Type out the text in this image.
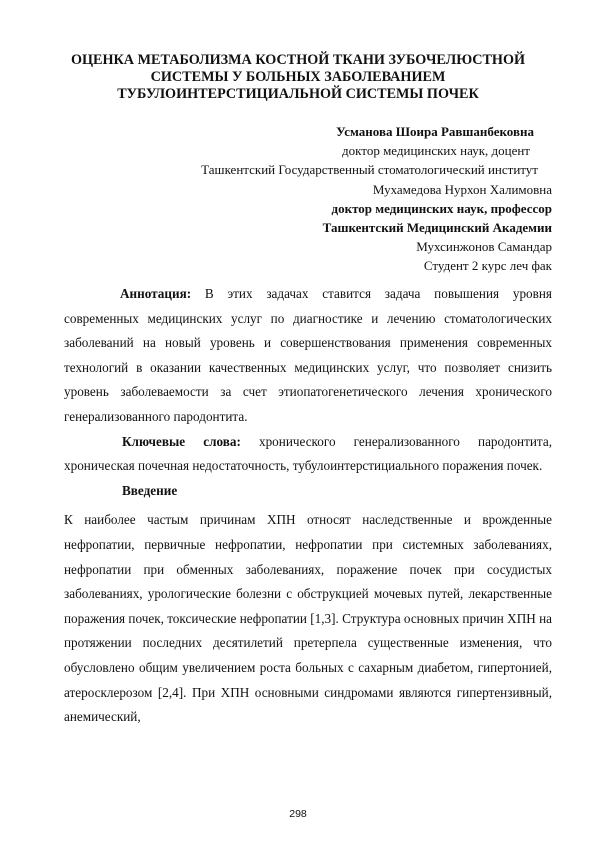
ОЦЕНКА МЕТАБОЛИЗМА КОСТНОЙ ТКАНИ ЗУБОЧЕЛЮСТНОЙ
СИСТЕМЫ У БОЛЬНЫХ ЗАБОЛЕВАНИЕМ
ТУБУЛОИНТЕРСТИЦИАЛЬНОЙ СИСТЕМЫ ПОЧЕК
Усманова Шоира Равшанбековна
доктор медицинских наук, доцент
Ташкентский Государственный стоматологический институт
Мухамедова Нурхон Халимовна
доктор медицинских наук, профессор
Ташкентский Медицинский Академии
Мухсинжонов Самандар
Студент 2 курс леч фак

Аннотация: В этих задачах ставится задача повышения уровня современных медицинских услуг по диагностике и лечению стоматологических заболеваний на новый уровень и совершенствования применения современных технологий в оказании качественных медицинских услуг, что позволяет снизить уровень заболеваемости за счет этиопатогенетического лечения хронического генерализованного пародонтита.

Ключевые слова: хронического генерализованного пародонтита, хроническая почечная недостаточность, тубулоинтерстициального поражения почек.

Введение

К наиболее частым причинам ХПН относят наследственные и врожденные нефропатии, первичные нефропатии, нефропатии при системных заболеваниях, нефропатии при обменных заболеваниях, поражение почек при сосудистых заболеваниях, урологические болезни с обструкцией мочевых путей, лекарственные поражения почек, токсические нефропатии [1,3]. Структура основных причин ХПН на протяжении последних десятилетий претерпела существенные изменения, что обусловлено общим увеличением роста больных с сахарным диабетом, гипертонией, атеросклерозом [2,4]. При ХПН основными синдромами являются гипертензивный, анемический,

298
